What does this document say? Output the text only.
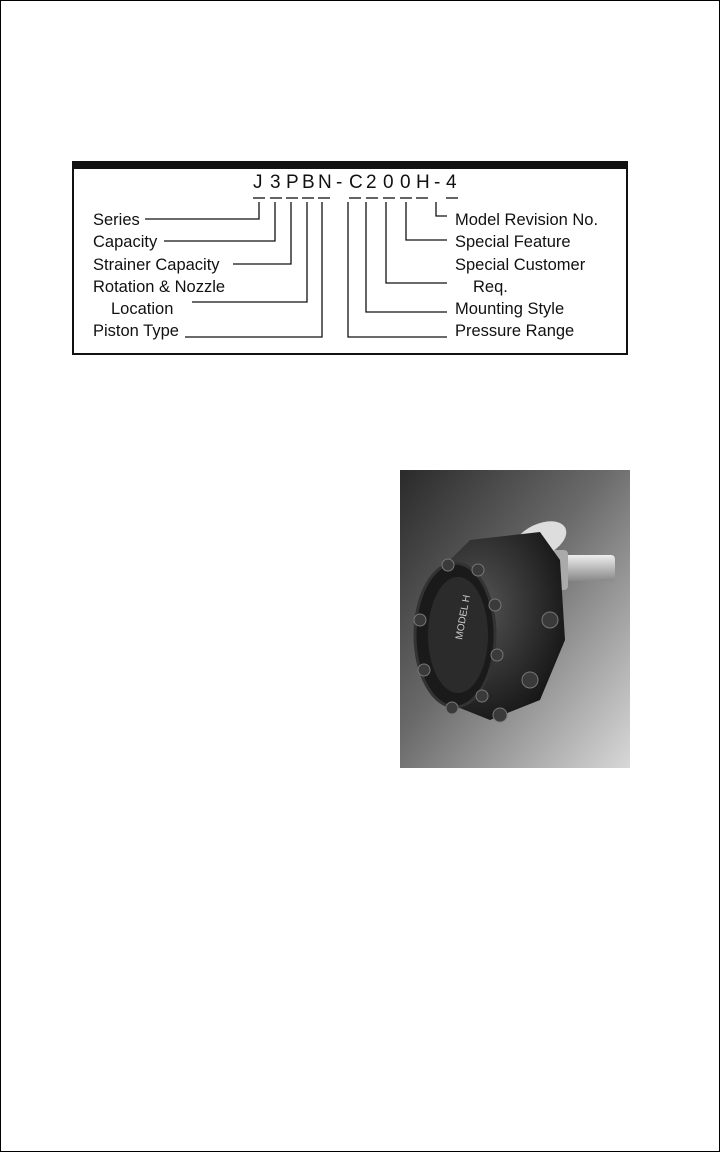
J 3 P B N - C 2 0 0 H - 4
Series
Capacity
Strainer Capacity
Rotation & Nozzle
Location
Piston Type
Model Revision No.
Special Feature
Special Customer
Req.
Mounting Style
Pressure Range
MODEL H
